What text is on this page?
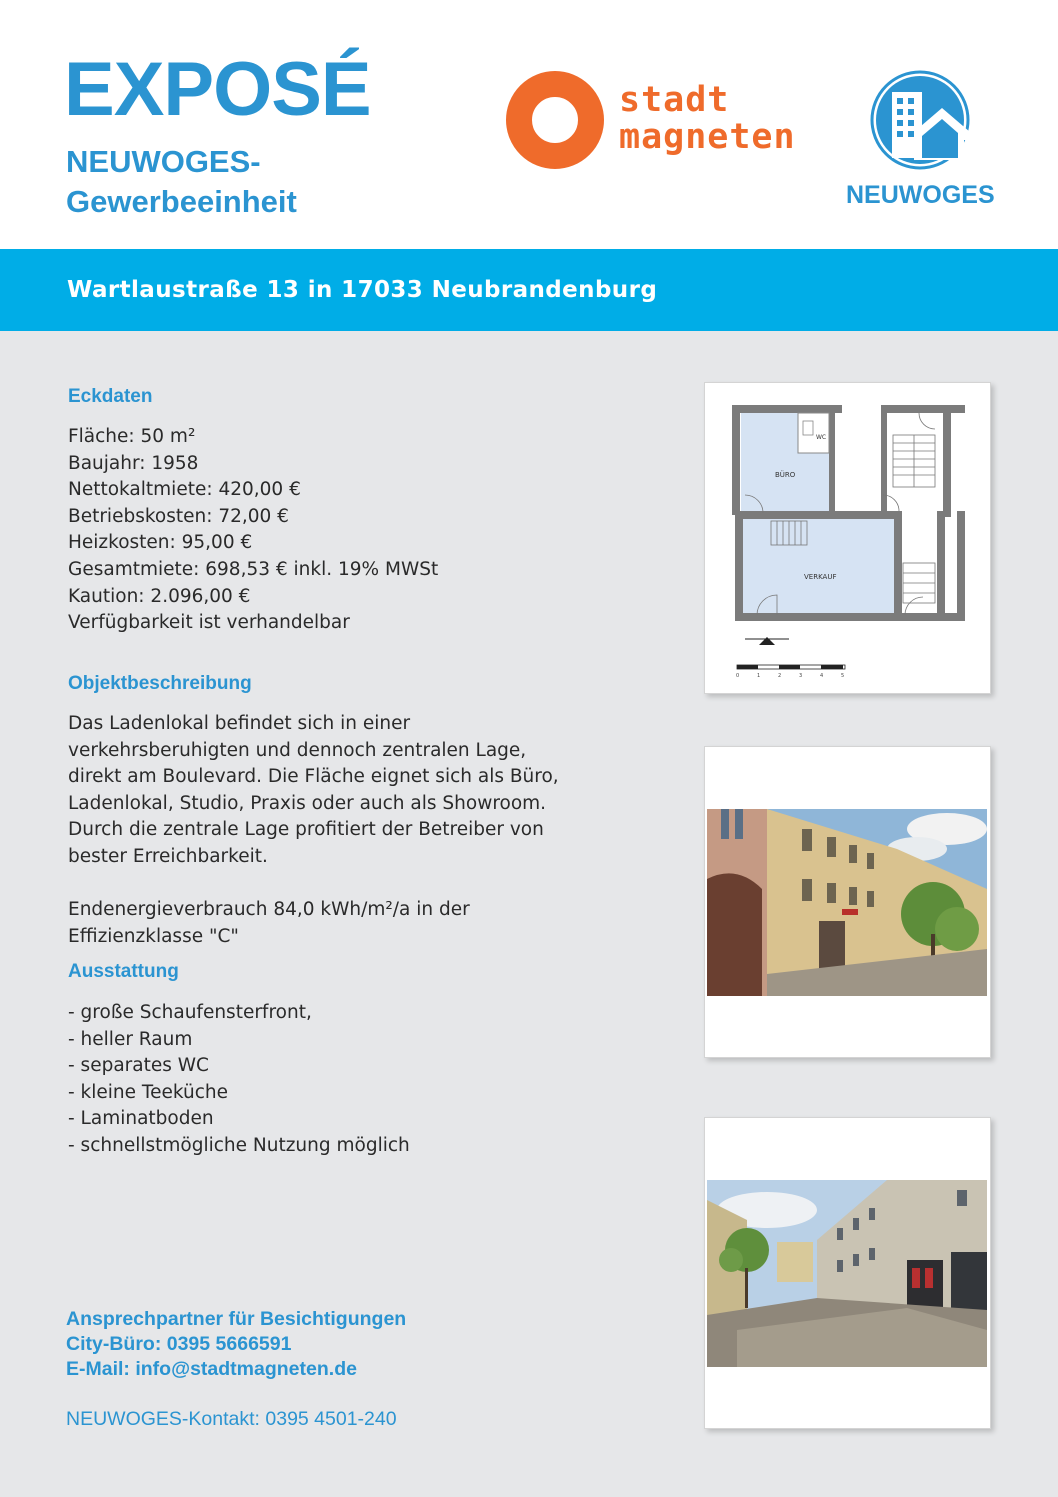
EXPOSÉ
NEUWOGES-
Gewerbeeinheit
stadt
magneten
NEUWOGES
Wartlaustraße 13 in 17033 Neubrandenburg
Eckdaten
Fläche: 50 m²
Baujahr: 1958
Nettokaltmiete: 420,00 €
Betriebskosten: 72,00 €
Heizkosten: 95,00 €
Gesamtmiete: 698,53 € inkl. 19% MWSt
Kaution: 2.096,00 €
Verfügbarkeit ist verhandelbar
Objektbeschreibung
Das Ladenlokal befindet sich in einer
verkehrsberuhigten und dennoch zentralen Lage,
direkt am Boulevard. Die Fläche eignet sich als Büro,
Ladenlokal, Studio, Praxis oder auch als Showroom.
Durch die zentrale Lage profitiert der Betreiber von
bester Erreichbarkeit.
Endenergieverbrauch 84,0 kWh/m²/a in der
Effizienzklasse "C"
Ausstattung
- große Schaufensterfront,
- heller Raum
- separates WC
- kleine Teeküche
- Laminatboden
- schnellstmögliche Nutzung möglich
Ansprechpartner für Besichtigungen
City-Büro: 0395 5666591
E-Mail: info@stadtmagneten.de
NEUWOGES-Kontakt: 0395 4501-240
WC
BÜRO
VERKAUF
0	1	2	3	4	5
